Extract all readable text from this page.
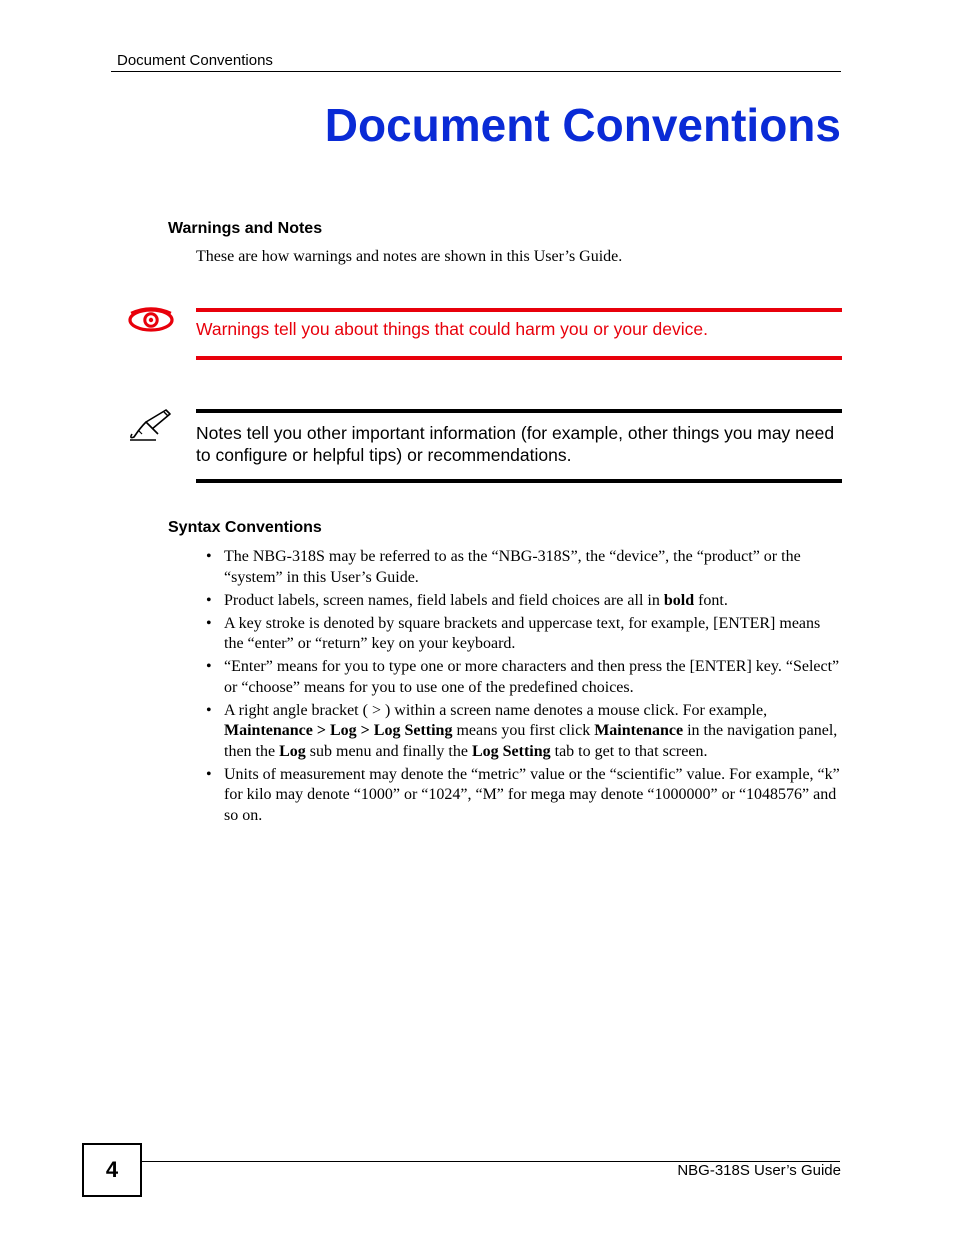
Document Conventions
Document Conventions
Warnings and Notes
These are how warnings and notes are shown in this User’s Guide.
Warnings tell you about things that could harm you or your device.
Notes tell you other important information (for example, other things you may need to configure or helpful tips) or recommendations.
Syntax Conventions
• The NBG-318S may be referred to as the “NBG-318S”, the “device”, the “product” or the “system” in this User’s Guide.
• Product labels, screen names, field labels and field choices are all in bold font.
• A key stroke is denoted by square brackets and uppercase text, for example, [ENTER] means the “enter” or “return” key on your keyboard.
• “Enter” means for you to type one or more characters and then press the [ENTER] key. “Select” or “choose” means for you to use one of the predefined choices.
• A right angle bracket ( > ) within a screen name denotes a mouse click. For example, Maintenance > Log > Log Setting means you first click Maintenance in the navigation panel, then the Log sub menu and finally the Log Setting tab to get to that screen.
• Units of measurement may denote the “metric” value or the “scientific” value. For example, “k” for kilo may denote “1000” or “1024”, “M” for mega may denote “1000000” or “1048576” and so on.
4	NBG-318S User’s Guide
